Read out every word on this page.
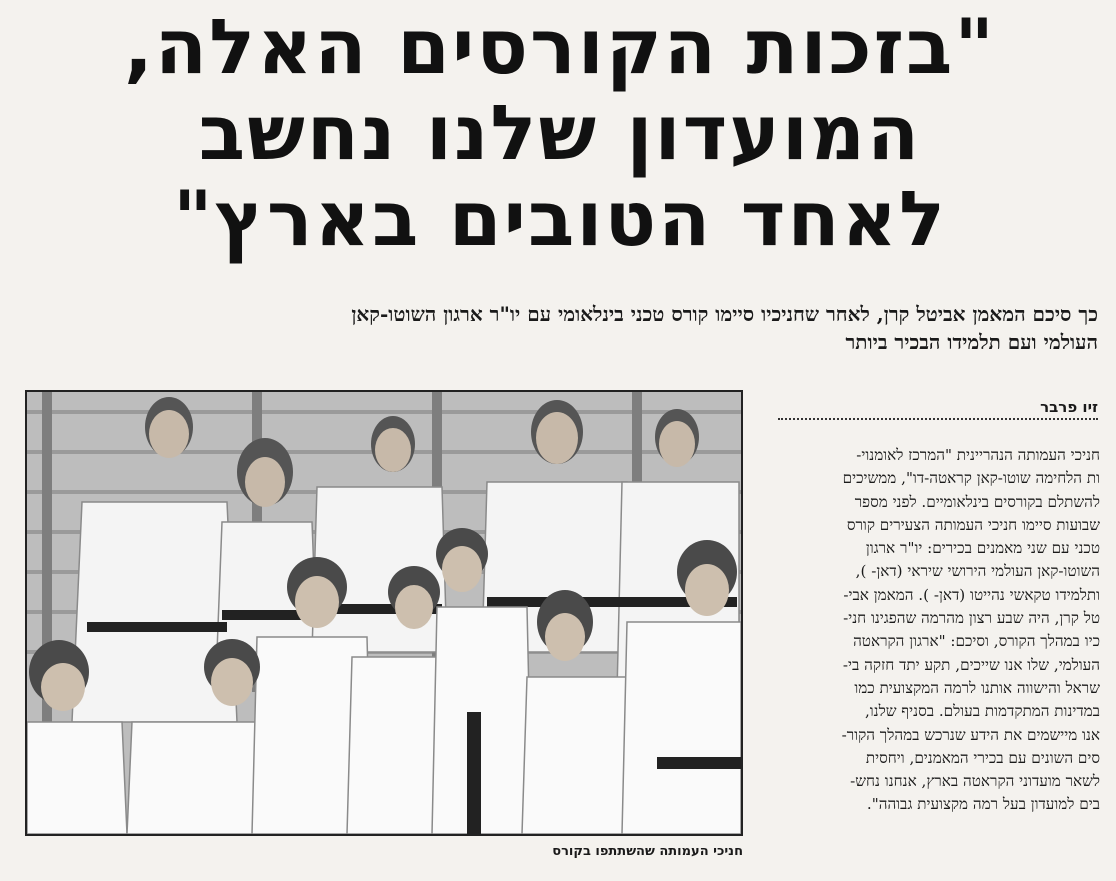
"בזכות הקורסים האלה,
המועדון שלנו נחשב
לאחד הטובים בארץ"
כך סיכם המאמן אביטל קרן, לאחר שחניכיו סיימו קורס טכני בינלאומי עם יו"ר ארגון השוטו-קאן
העולמי ועם תלמידו הבכיר ביותר
חניכי העמותה שהשתתפו בקורס
זיו פרבר
חניכי העמותה הנהריינית "המרכז לאומנוי-
ות הלחימה שוטו-קאן קראטה-דו", ממשיכים
להשתלם בקורסים בינלאומיים. לפני מספר
שבועות סיימו חניכי העמותה הצעירים קורס
טכני עם שני מאמנים בכירים: יו"ר ארגון
השוטו-קאן העולמי הירושי שיראי (דאן- ),
ותלמידו טקאשי נהייטו (דאן- ). המאמן אבי-
טל קרן, היה שבע רצון מהרמה שהפגינו חני-
כיו במהלך הקורס, וסיכם: "ארגון הקראטה
העולמי, שלו אנו שייכים, תקע יתד חזקה בי-
שראל והישווה אותנו לרמה המקצועית כמו
במדינות המתקדמות בעולם. בסניף שלנו,
אנו מיישמים את הידע שנרכש במהלך הקור-
סים השונים עם בכירי המאמנים, ויחסית
לשאר מועדוני הקראטה בארץ, אנחנו נחש-
בים למועדון בעל רמה מקצועית גבוהה".
